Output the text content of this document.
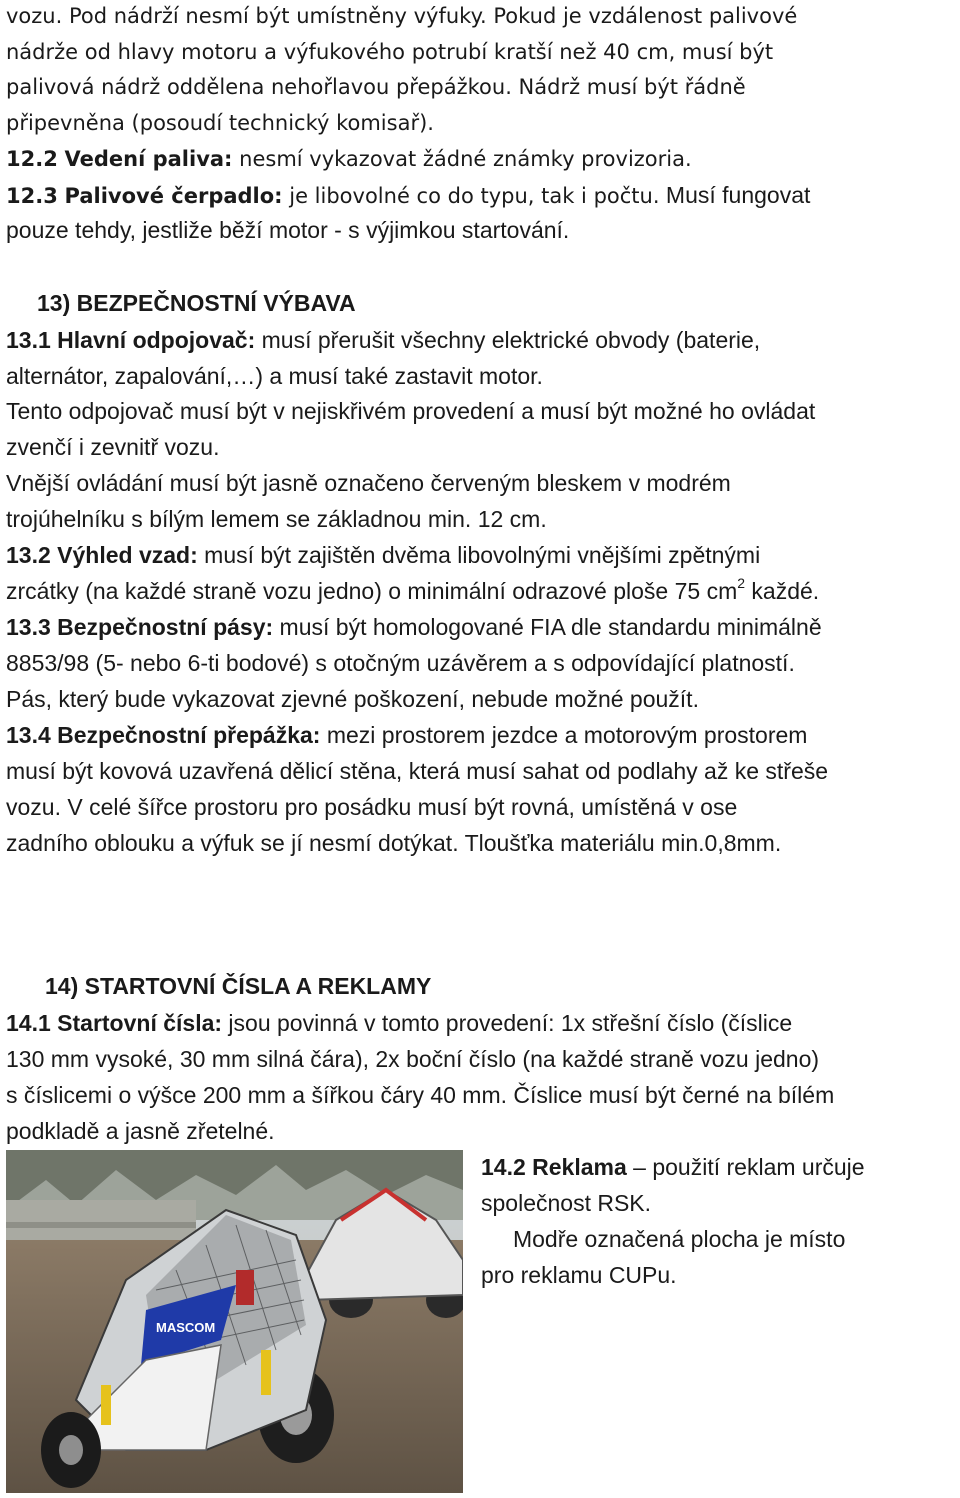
vozu. Pod nádrží nesmí být umístněny výfuky. Pokud je vzdálenost palivové
nádrže od hlavy motoru a výfukového potrubí kratší než 40 cm, musí být
palivová nádrž oddělena nehořlavou přepážkou. Nádrž musí být řádně
připevněna (posoudí technický komisař).
12.2 Vedení paliva: nesmí vykazovat žádné známky provizoria.
12.3 Palivové čerpadlo: je libovolné co do typu, tak i počtu. Musí fungovat
pouze tehdy, jestliže běží motor - s výjimkou startování.
13) BEZPEČNOSTNÍ VÝBAVA
13.1 Hlavní odpojovač: musí přerušit všechny elektrické obvody (baterie,
alternátor, zapalování,…) a musí také zastavit motor.
Tento odpojovač musí být v nejiskřivém provedení a musí být možné ho ovládat
zvenčí i zevnitř vozu.
Vnější ovládání musí být jasně označeno červeným bleskem v modrém
trojúhelníku s bílým lemem se základnou min. 12 cm.
13.2 Výhled vzad: musí být zajištěn dvěma libovolnými vnějšími zpětnými
zrcátky (na každé straně vozu jedno) o minimální odrazové ploše 75 $cm^2$ každé.
13.3 Bezpečnostní pásy: musí být homologované FIA dle standardu minimálně
8853/98 (5- nebo 6-ti bodové) s otočným uzávěrem a s odpovídající platností.
Pás, který bude vykazovat zjevné poškození, nebude možné použít.
13.4 Bezpečnostní přepážka: mezi prostorem jezdce a motorovým prostorem
musí být kovová uzavřená dělicí stěna, která musí sahat od podlahy až ke střeše
vozu. V celé šířce prostoru pro posádku musí být rovná, umístěná v ose
zadního oblouku a výfuk se jí nesmí dotýkat. Tloušťka materiálu min.0,8mm.
14) STARTOVNÍ ČÍSLA A REKLAMY
14.1 Startovní čísla: jsou povinná v tomto provedení: 1x střešní číslo (číslice
130 mm vysoké, 30 mm silná čára), 2x boční číslo (na každé straně vozu jedno)
s číslicemi o výšce 200 mm a šířkou čáry 40 mm. Číslice musí být černé na bílém
podkladě a jasně zřetelné.
MASCOM
14.2 Reklama – použití reklam určuje
společnost RSK.
Modře označená plocha je místo
pro reklamu CUPu.
